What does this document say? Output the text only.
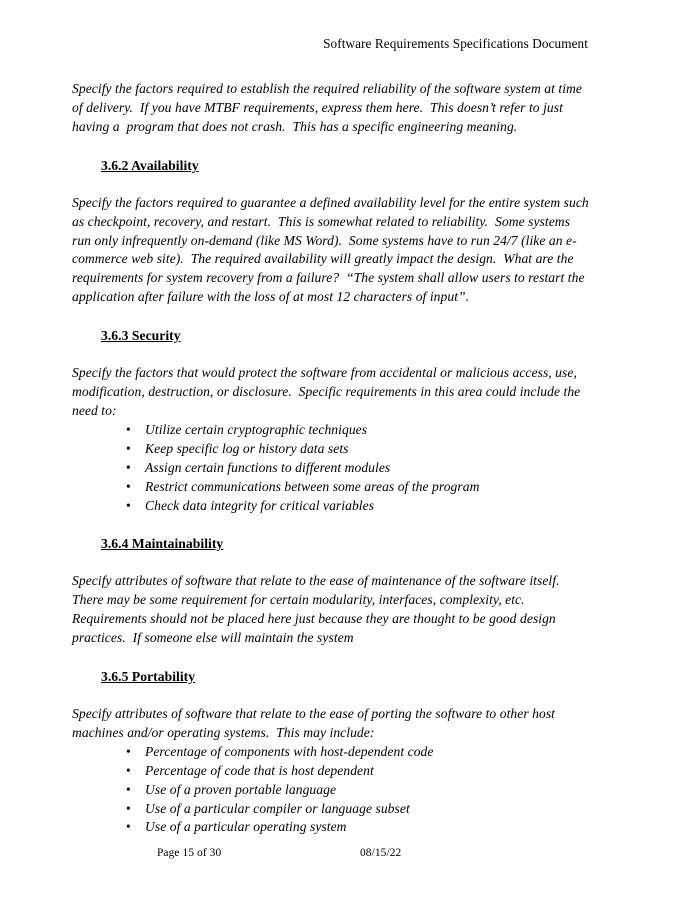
Software Requirements Specifications Document

Specify the factors required to establish the required reliability of the software system at time of delivery.  If you have MTBF requirements, express them here.  This doesn’t refer to just having a  program that does not crash.  This has a specific engineering meaning.

3.6.2 Availability

Specify the factors required to guarantee a defined availability level for the entire system such as checkpoint, recovery, and restart.  This is somewhat related to reliability.  Some systems run only infrequently on-demand (like MS Word).  Some systems have to run 24/7 (like an e-commerce web site).  The required availability will greatly impact the design.  What are the requirements for system recovery from a failure?  “The system shall allow users to restart the application after failure with the loss of at most 12 characters of input”.

3.6.3 Security

Specify the factors that would protect the software from accidental or malicious access, use, modification, destruction, or disclosure.  Specific requirements in this area could include the need to:

• Utilize certain cryptographic techniques
• Keep specific log or history data sets
• Assign certain functions to different modules
• Restrict communications between some areas of the program
• Check data integrity for critical variables
3.6.4 Maintainability

Specify attributes of software that relate to the ease of maintenance of the software itself.  There may be some requirement for certain modularity, interfaces, complexity, etc.  Requirements should not be placed here just because they are thought to be good design practices.  If someone else will maintain the system

3.6.5 Portability

Specify attributes of software that relate to the ease of porting the software to other host machines and/or operating systems.  This may include:

• Percentage of components with host-dependent code
• Percentage of code that is host dependent
• Use of a proven portable language
• Use of a particular compiler or language subset
• Use of a particular operating system
Page 15 of 30	08/15/22
